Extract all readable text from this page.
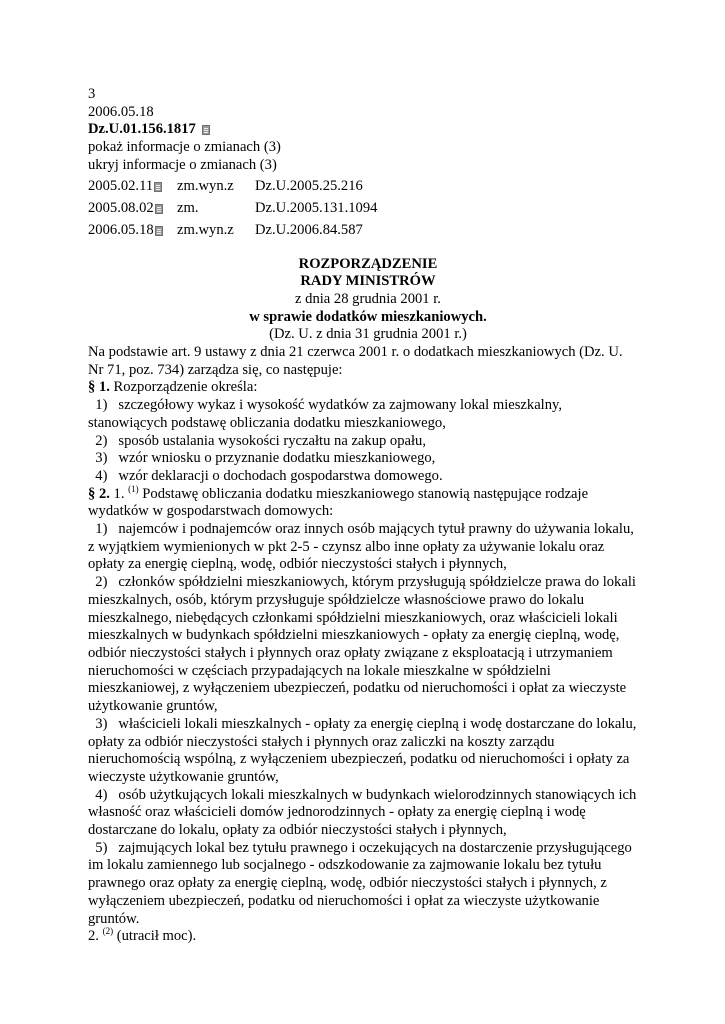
3
2006.05.18
Dz.U.01.156.1817
pokaż informacje o zmianach (3)
ukryj informacje o zmianach (3)
2005.02.11 zm.wyn.z	Dz.U.2005.25.216
2005.08.02 zm.	Dz.U.2005.131.1094
2006.05.18 zm.wyn.z	Dz.U.2006.84.587
ROZPORZĄDZENIE
RADY MINISTRÓW
z dnia 28 grudnia 2001 r.
w sprawie dodatków mieszkaniowych.
(Dz. U. z dnia 31 grudnia 2001 r.)
Na podstawie art. 9 ustawy z dnia 21 czerwca 2001 r. o dodatkach mieszkaniowych (Dz. U.
Nr 71, poz. 734) zarządza się, co następuje:
§ 1. Rozporządzenie określa:
1)   szczegółowy wykaz i wysokość wydatków za zajmowany lokal mieszkalny,
stanowiących podstawę obliczania dodatku mieszkaniowego,
2)   sposób ustalania wysokości ryczałtu na zakup opału,
3)   wzór wniosku o przyznanie dodatku mieszkaniowego,
4)   wzór deklaracji o dochodach gospodarstwa domowego.
§ 2. 1. $^{(1)}$ Podstawę obliczania dodatku mieszkaniowego stanowią następujące rodzaje
wydatków w gospodarstwach domowych:
1)   najemców i podnajemców oraz innych osób mających tytuł prawny do używania lokalu,
z wyjątkiem wymienionych w pkt 2-5 - czynsz albo inne opłaty za używanie lokalu oraz
opłaty za energię cieplną, wodę, odbiór nieczystości stałych i płynnych,
2)   członków spółdzielni mieszkaniowych, którym przysługują spółdzielcze prawa do lokali
mieszkalnych, osób, którym przysługuje spółdzielcze własnościowe prawo do lokalu
mieszkalnego, niebędących członkami spółdzielni mieszkaniowych, oraz właścicieli lokali
mieszkalnych w budynkach spółdzielni mieszkaniowych - opłaty za energię cieplną, wodę,
odbiór nieczystości stałych i płynnych oraz opłaty związane z eksploatacją i utrzymaniem
nieruchomości w częściach przypadających na lokale mieszkalne w spółdzielni
mieszkaniowej, z wyłączeniem ubezpieczeń, podatku od nieruchomości i opłat za wieczyste
użytkowanie gruntów,
3)   właścicieli lokali mieszkalnych - opłaty za energię cieplną i wodę dostarczane do lokalu,
opłaty za odbiór nieczystości stałych i płynnych oraz zaliczki na koszty zarządu
nieruchomością wspólną, z wyłączeniem ubezpieczeń, podatku od nieruchomości i opłaty za
wieczyste użytkowanie gruntów,
4)   osób użytkujących lokali mieszkalnych w budynkach wielorodzinnych stanowiących ich
własność oraz właścicieli domów jednorodzinnych - opłaty za energię cieplną i wodę
dostarczane do lokalu, opłaty za odbiór nieczystości stałych i płynnych,
5)   zajmujących lokal bez tytułu prawnego i oczekujących na dostarczenie przysługującego
im lokalu zamiennego lub socjalnego - odszkodowanie za zajmowanie lokalu bez tytułu
prawnego oraz opłaty za energię cieplną, wodę, odbiór nieczystości stałych i płynnych, z
wyłączeniem ubezpieczeń, podatku od nieruchomości i opłat za wieczyste użytkowanie
gruntów.
2. $^{(2)}$ (utracił moc).
